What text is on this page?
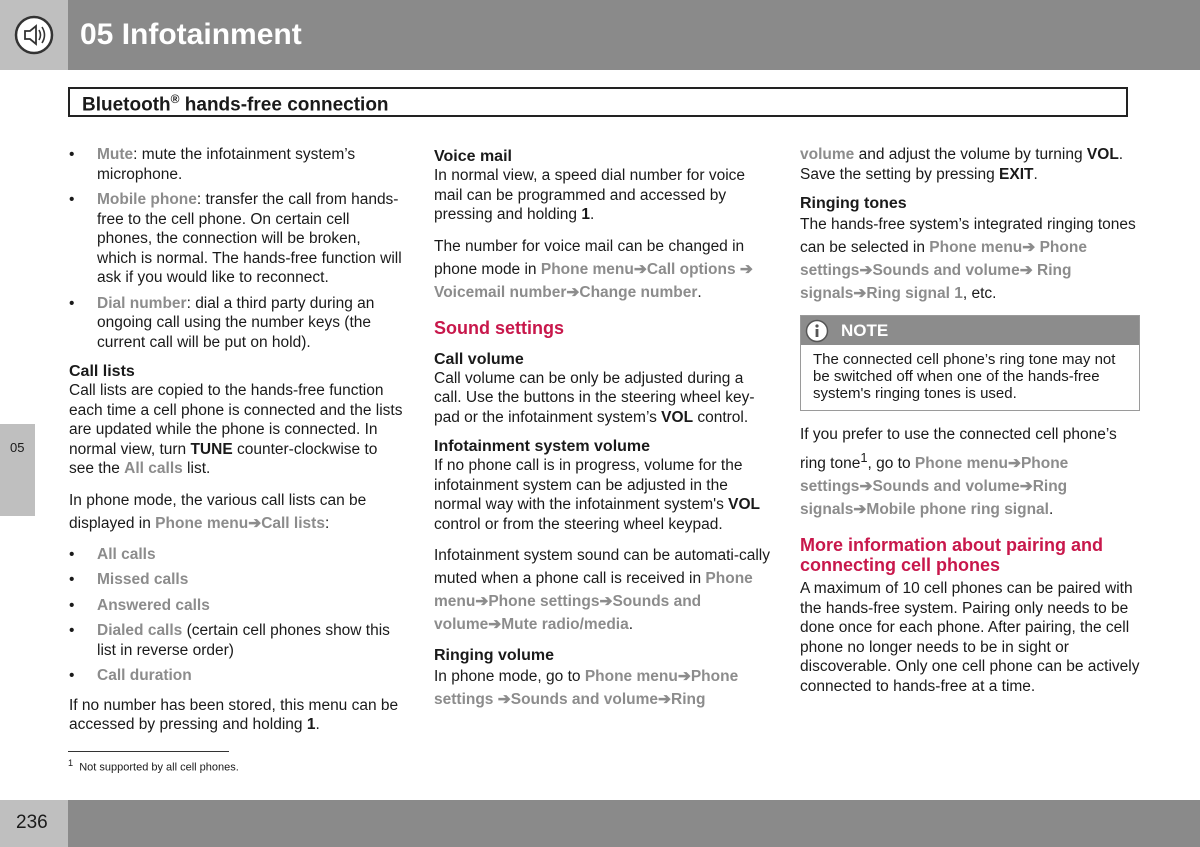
05 Infotainment
Bluetooth® hands-free connection
05
• Mute: mute the infotainment system’s microphone.
• Mobile phone: transfer the call from hands-free to the cell phone. On certain cell phones, the connection will be broken, which is normal. The hands-free function will ask if you would like to reconnect.
• Dial number: dial a third party during an ongoing call using the number keys (the current call will be put on hold).
Call lists

Call lists are copied to the hands-free function each time a cell phone is connected and the lists are updated while the phone is connected. In normal view, turn TUNE counter-clockwise to see the All calls list.

In phone mode, the various call lists can be displayed in Phone menu➔Call lists:

• All calls
• Missed calls
• Answered calls
• Dialed calls (certain cell phones show this list in reverse order)
• Call duration

If no number has been stored, this menu can be accessed by pressing and holding 1.

Voice mail

In normal view, a speed dial number for voice mail can be programmed and accessed by pressing and holding 1.

The number for voice mail can be changed in phone mode in Phone menu➔Call options ➔ Voicemail number➔Change number.

Sound settings
Call volume

Call volume can be only be adjusted during a call. Use the buttons in the steering wheel key-pad or the infotainment system’s VOL control.

Infotainment system volume

If no phone call is in progress, volume for the infotainment system can be adjusted in the normal way with the infotainment system's VOL control or from the steering wheel keypad.

Infotainment system sound can be automati-cally muted when a phone call is received in Phone menu➔Phone settings➔Sounds and volume➔Mute radio/media.

Ringing volume

In phone mode, go to Phone menu➔Phone settings ➔Sounds and volume➔Ring

volume and adjust the volume by turning VOL. Save the setting by pressing EXIT.

Ringing tones

The hands-free system’s integrated ringing tones can be selected in Phone menu➔ Phone settings➔Sounds and volume➔ Ring signals➔Ring signal 1, etc.

NOTE
The connected cell phone’s ring tone may not be switched off when one of the hands-free system's ringing tones is used.

If you prefer to use the connected cell phone’s ring tone$^1$, go to Phone menu➔Phone settings➔Sounds and volume➔Ring signals➔Mobile phone ring signal.

More information about pairing and connecting cell phones

A maximum of 10 cell phones can be paired with the hands-free system. Pairing only needs to be done once for each phone. After pairing, the cell phone no longer needs to be in sight or discoverable. Only one cell phone can be actively connected to hands-free at a time.

$^1$ Not supported by all cell phones.
236
